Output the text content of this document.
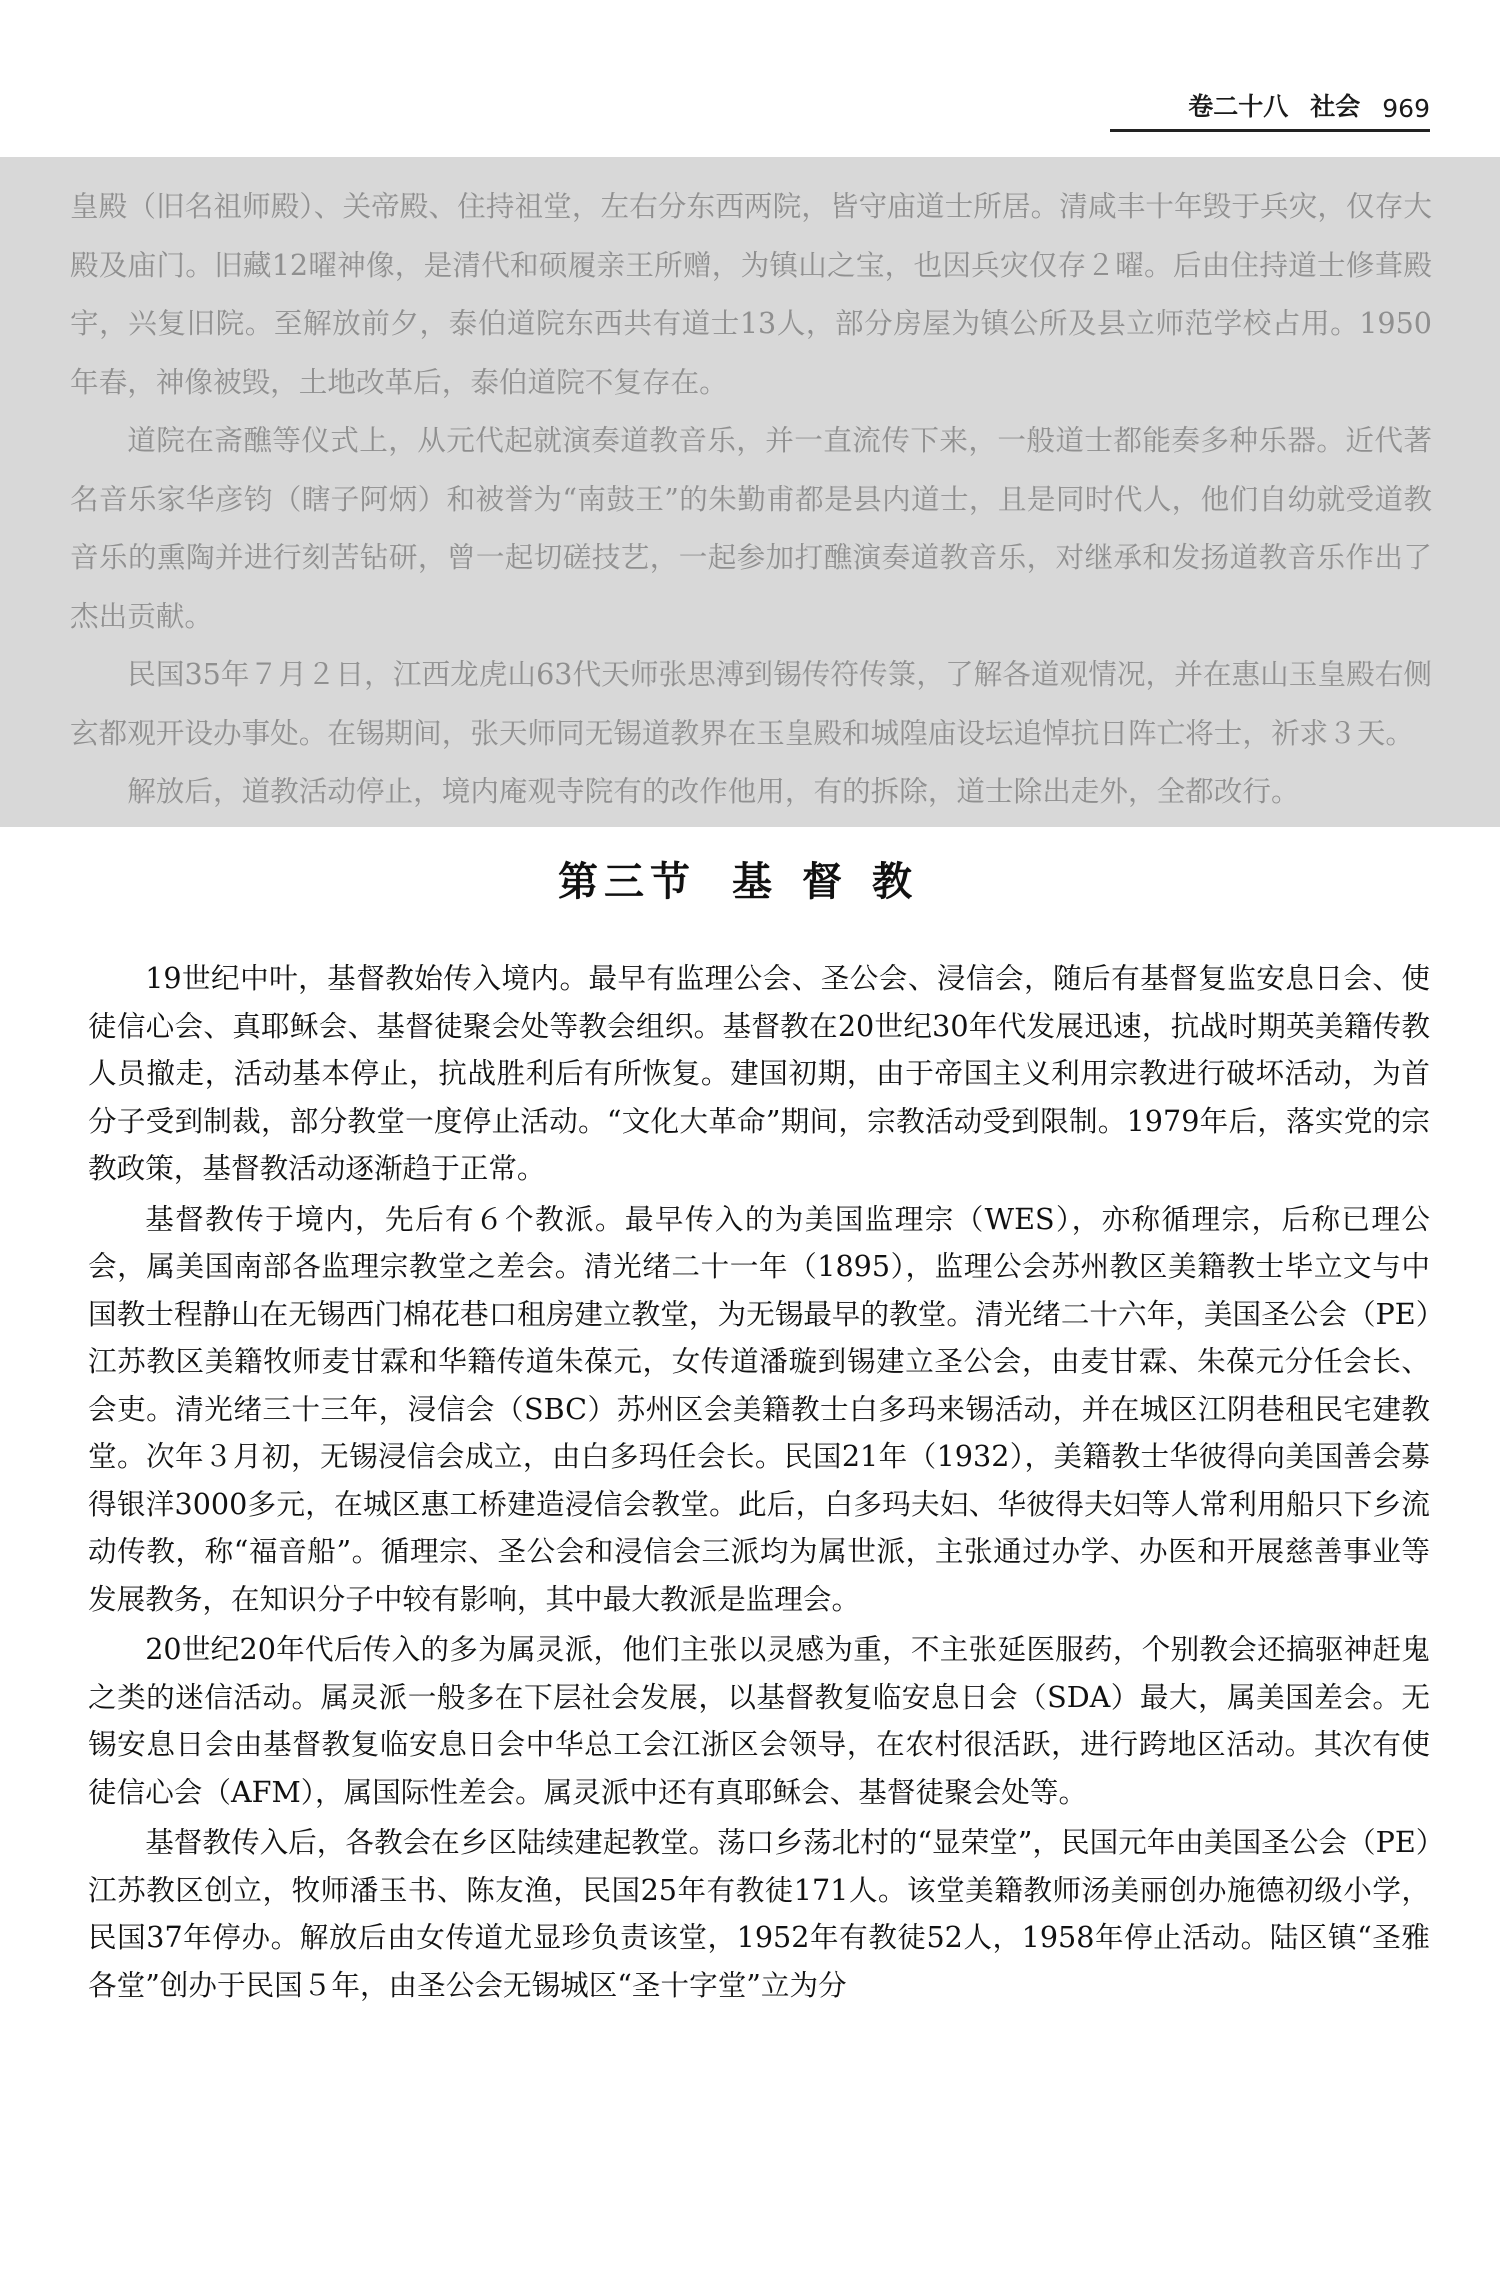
卷二十八 社会 969

皇殿（旧名祖师殿）、关帝殿、住持祖堂，左右分东西两院，皆守庙道士所居。清咸丰十年毁于兵灾，仅存大殿及庙门。旧藏12曜神像，是清代和硕履亲王所赠，为镇山之宝，也因兵灾仅存２曜。后由住持道士修葺殿宇，兴复旧院。至解放前夕，泰伯道院东西共有道士13人，部分房屋为镇公所及县立师范学校占用。1950年春，神像被毁，土地改革后，泰伯道院不复存在。

道院在斋醮等仪式上，从元代起就演奏道教音乐，并一直流传下来，一般道士都能奏多种乐器。近代著名音乐家华彦钧（瞎子阿炳）和被誉为“南鼓王”的朱勤甫都是县内道士，且是同时代人，他们自幼就受道教音乐的熏陶并进行刻苦钻研，曾一起切磋技艺，一起参加打醮演奏道教音乐，对继承和发扬道教音乐作出了杰出贡献。

民国35年７月２日，江西龙虎山63代天师张思溥到锡传符传箓，了解各道观情况，并在惠山玉皇殿右侧玄都观开设办事处。在锡期间，张天师同无锡道教界在玉皇殿和城隍庙设坛追悼抗日阵亡将士，祈求３天。

解放后，道教活动停止，境内庵观寺院有的改作他用，有的拆除，道士除出走外，全都改行。

第三节 基督教

19世纪中叶，基督教始传入境内。最早有监理公会、圣公会、浸信会，随后有基督复监安息日会、使徒信心会、真耶稣会、基督徒聚会处等教会组织。基督教在20世纪30年代发展迅速，抗战时期英美籍传教人员撤走，活动基本停止，抗战胜利后有所恢复。建国初期，由于帝国主义利用宗教进行破坏活动，为首分子受到制裁，部分教堂一度停止活动。“文化大革命”期间，宗教活动受到限制。1979年后，落实党的宗教政策，基督教活动逐渐趋于正常。

基督教传于境内，先后有６个教派。最早传入的为美国监理宗（WES），亦称循理宗，后称已理公会，属美国南部各监理宗教堂之差会。清光绪二十一年（1895），监理公会苏州教区美籍教士毕立文与中国教士程静山在无锡西门棉花巷口租房建立教堂，为无锡最早的教堂。清光绪二十六年，美国圣公会（PE）江苏教区美籍牧师麦甘霖和华籍传道朱葆元，女传道潘璇到锡建立圣公会，由麦甘霖、朱葆元分任会长、会吏。清光绪三十三年，浸信会（SBC）苏州区会美籍教士白多玛来锡活动，并在城区江阴巷租民宅建教堂。次年３月初，无锡浸信会成立，由白多玛任会长。民国21年（1932），美籍教士华彼得向美国善会募得银洋3000多元，在城区惠工桥建造浸信会教堂。此后，白多玛夫妇、华彼得夫妇等人常利用船只下乡流动传教，称“福音船”。循理宗、圣公会和浸信会三派均为属世派，主张通过办学、办医和开展慈善事业等发展教务，在知识分子中较有影响，其中最大教派是监理会。

20世纪20年代后传入的多为属灵派，他们主张以灵感为重，不主张延医服药，个别教会还搞驱神赶鬼之类的迷信活动。属灵派一般多在下层社会发展，以基督教复临安息日会（SDA）最大，属美国差会。无锡安息日会由基督教复临安息日会中华总工会江浙区会领导，在农村很活跃，进行跨地区活动。其次有使徒信心会（AFM），属国际性差会。属灵派中还有真耶稣会、基督徒聚会处等。

基督教传入后，各教会在乡区陆续建起教堂。荡口乡荡北村的“显荣堂”，民国元年由美国圣公会（PE）江苏教区创立，牧师潘玉书、陈友渔，民国25年有教徒171人。该堂美籍教师汤美丽创办施德初级小学，民国37年停办。解放后由女传道尤显珍负责该堂，1952年有教徒52人，1958年停止活动。陆区镇“圣雅各堂”创办于民国５年，由圣公会无锡城区“圣十字堂”立为分
